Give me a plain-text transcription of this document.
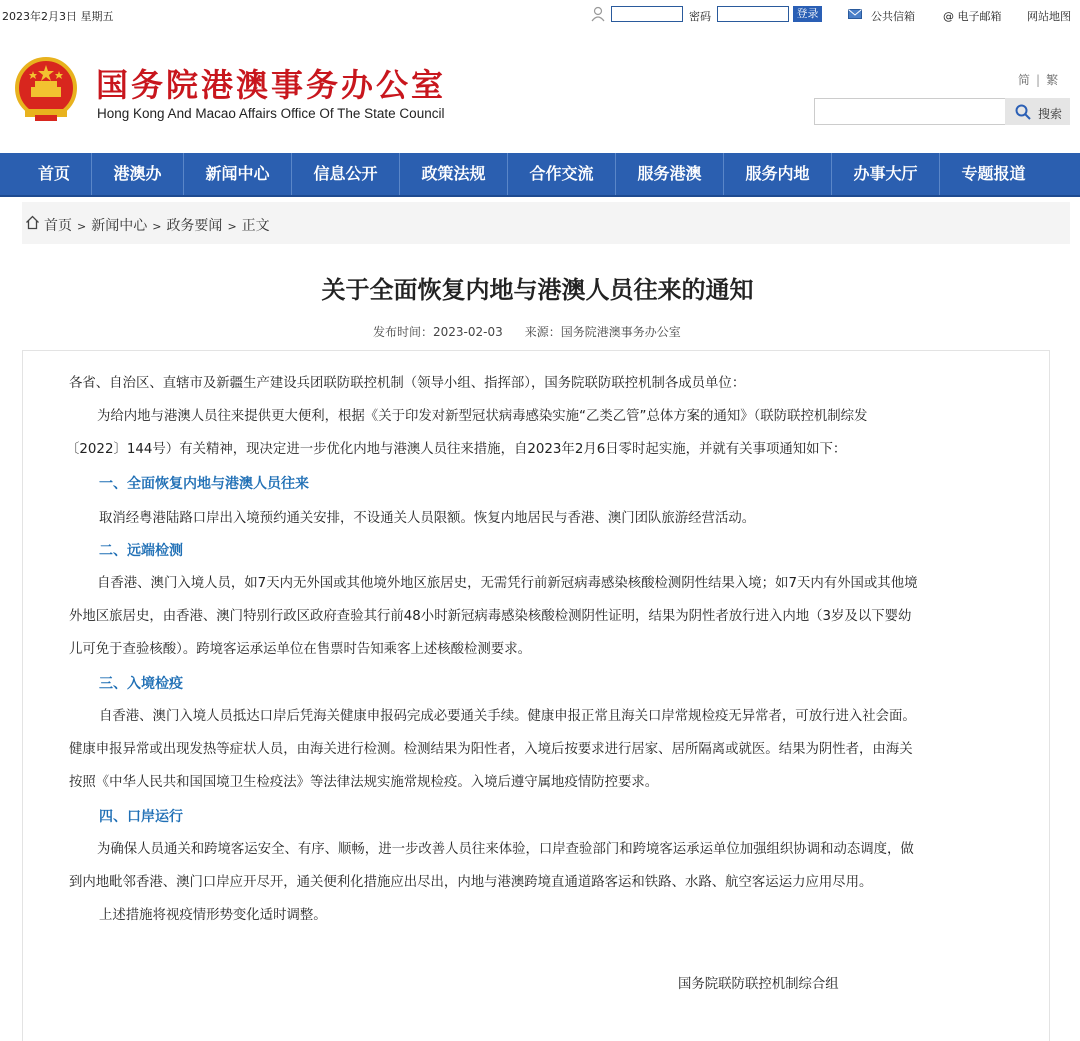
2023年2月3日 星期五	密码	登录	公共信箱	@ 电子邮箱 网站地图
国务院港澳事务办公室
Hong Kong And Macao Affairs Office Of The State Council
简 | 繁
搜索
首页	港澳办	新闻中心	信息公开	政策法规	合作交流	服务港澳	服务内地	办事大厅	专题报道
首页 > 新闻中心 > 政务要闻 > 正文
关于全面恢复内地与港澳人员往来的通知
发布时间：2023-02-03 来源：国务院港澳事务办公室
各省、自治区、直辖市及新疆生产建设兵团联防联控机制（领导小组、指挥部），国务院联防联控机制各成员单位：
为给内地与港澳人员往来提供更大便利，根据《关于印发对新型冠状病毒感染实施“乙类乙管”总体方案的通知》（联防联控机制综发
〔2022〕144号）有关精神，现决定进一步优化内地与港澳人员往来措施，自2023年2月6日零时起实施，并就有关事项通知如下：
一、全面恢复内地与港澳人员往来
取消经粤港陆路口岸出入境预约通关安排，不设通关人员限额。恢复内地居民与香港、澳门团队旅游经营活动。
二、远端检测
自香港、澳门入境人员，如7天内无外国或其他境外地区旅居史，无需凭行前新冠病毒感染核酸检测阴性结果入境；如7天内有外国或其他境
外地区旅居史，由香港、澳门特别行政区政府查验其行前48小时新冠病毒感染核酸检测阴性证明，结果为阴性者放行进入内地（3岁及以下婴幼
儿可免于查验核酸）。跨境客运承运单位在售票时告知乘客上述核酸检测要求。
三、入境检疫
自香港、澳门入境人员抵达口岸后凭海关健康申报码完成必要通关手续。健康申报正常且海关口岸常规检疫无异常者，可放行进入社会面。
健康申报异常或出现发热等症状人员，由海关进行检测。检测结果为阳性者，入境后按要求进行居家、居所隔离或就医。结果为阴性者，由海关
按照《中华人民共和国国境卫生检疫法》等法律法规实施常规检疫。入境后遵守属地疫情防控要求。
四、口岸运行
为确保人员通关和跨境客运安全、有序、顺畅，进一步改善人员往来体验，口岸查验部门和跨境客运承运单位加强组织协调和动态调度，做
到内地毗邻香港、澳门口岸应开尽开，通关便利化措施应出尽出，内地与港澳跨境直通道路客运和铁路、水路、航空客运运力应用尽用。
上述措施将视疫情形势变化适时调整。
国务院联防联控机制综合组
